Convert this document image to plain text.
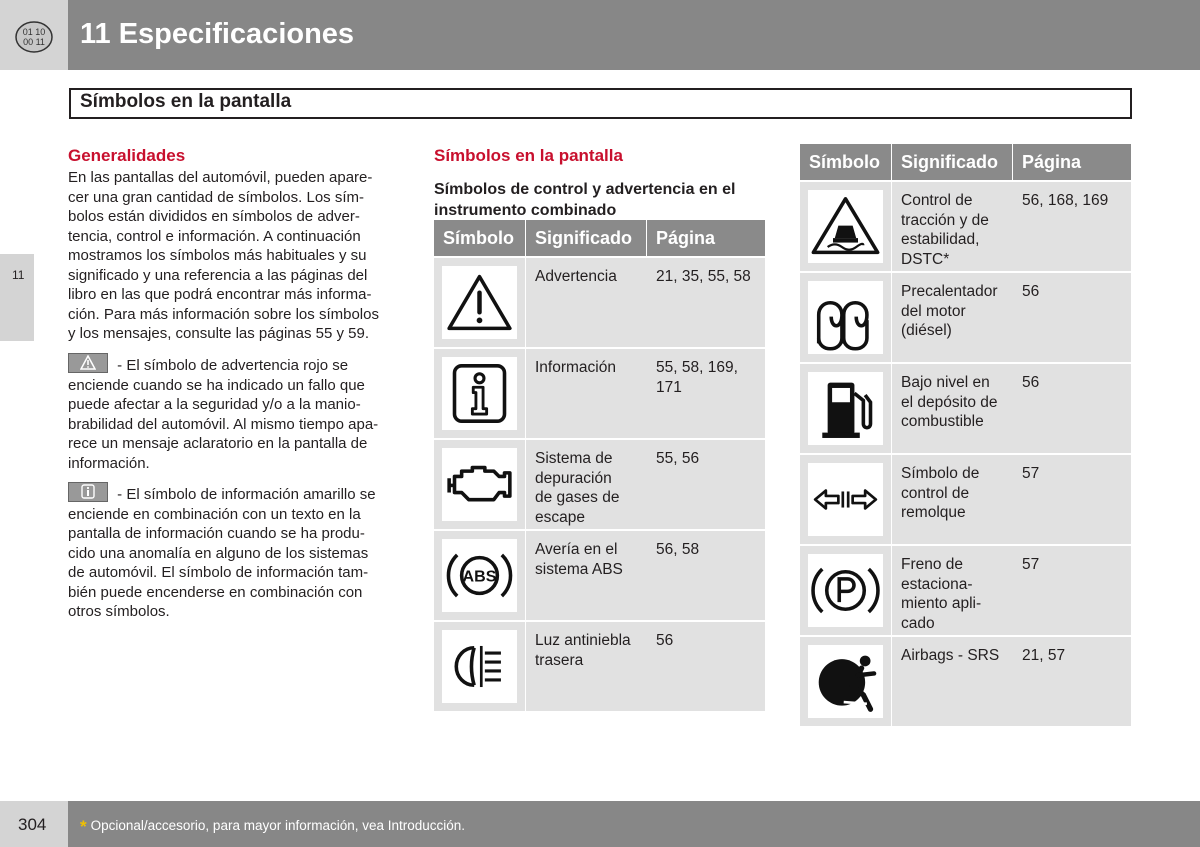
01 10
00 11 11 Especificaciones
Símbolos en la pantalla
11
Generalidades
En las pantallas del automóvil, pueden apare-
cer una gran cantidad de símbolos. Los sím-
bolos están divididos en símbolos de adver-
tencia, control e información. A continuación
mostramos los símbolos más habituales y su
significado y una referencia a las páginas del
libro en las que podrá encontrar más informa-
ción. Para más información sobre los símbolos
y los mensajes, consulte las páginas 55 y 59.
- El símbolo de advertencia rojo se
enciende cuando se ha indicado un fallo que
puede afectar a la seguridad y/o a la manio-
brabilidad del automóvil. Al mismo tiempo apa-
rece un mensaje aclaratorio en la pantalla de
información.
- El símbolo de información amarillo se
enciende en combinación con un texto en la
pantalla de información cuando se ha produ-
cido una anomalía en alguno de los sistemas
de automóvil. El símbolo de información tam-
bién puede encenderse en combinación con
otros símbolos.
Símbolos en la pantalla
Símbolos de control y advertencia en el
instrumento combinado
Símbolo	Significado	Página
Advertencia	21, 35, 55, 58
Información	55, 58, 169,
171
Sistema de
depuración
de gases de
escape
55, 56
ABS
Avería en el
sistema ABS
56, 58
Luz antiniebla
trasera
56
Símbolo	Significado	Página
Control de
tracción y de
estabilidad,
DSTC*
56, 168, 169
Precalentador
del motor
(diésel)
56
Bajo nivel en
el depósito de
combustible
56
Símbolo de
control de
remolque
57
Freno de
estaciona-
miento apli-
cado
57
Airbags - SRS 21, 57
304 * Opcional/accesorio, para mayor información, vea Introducción.
